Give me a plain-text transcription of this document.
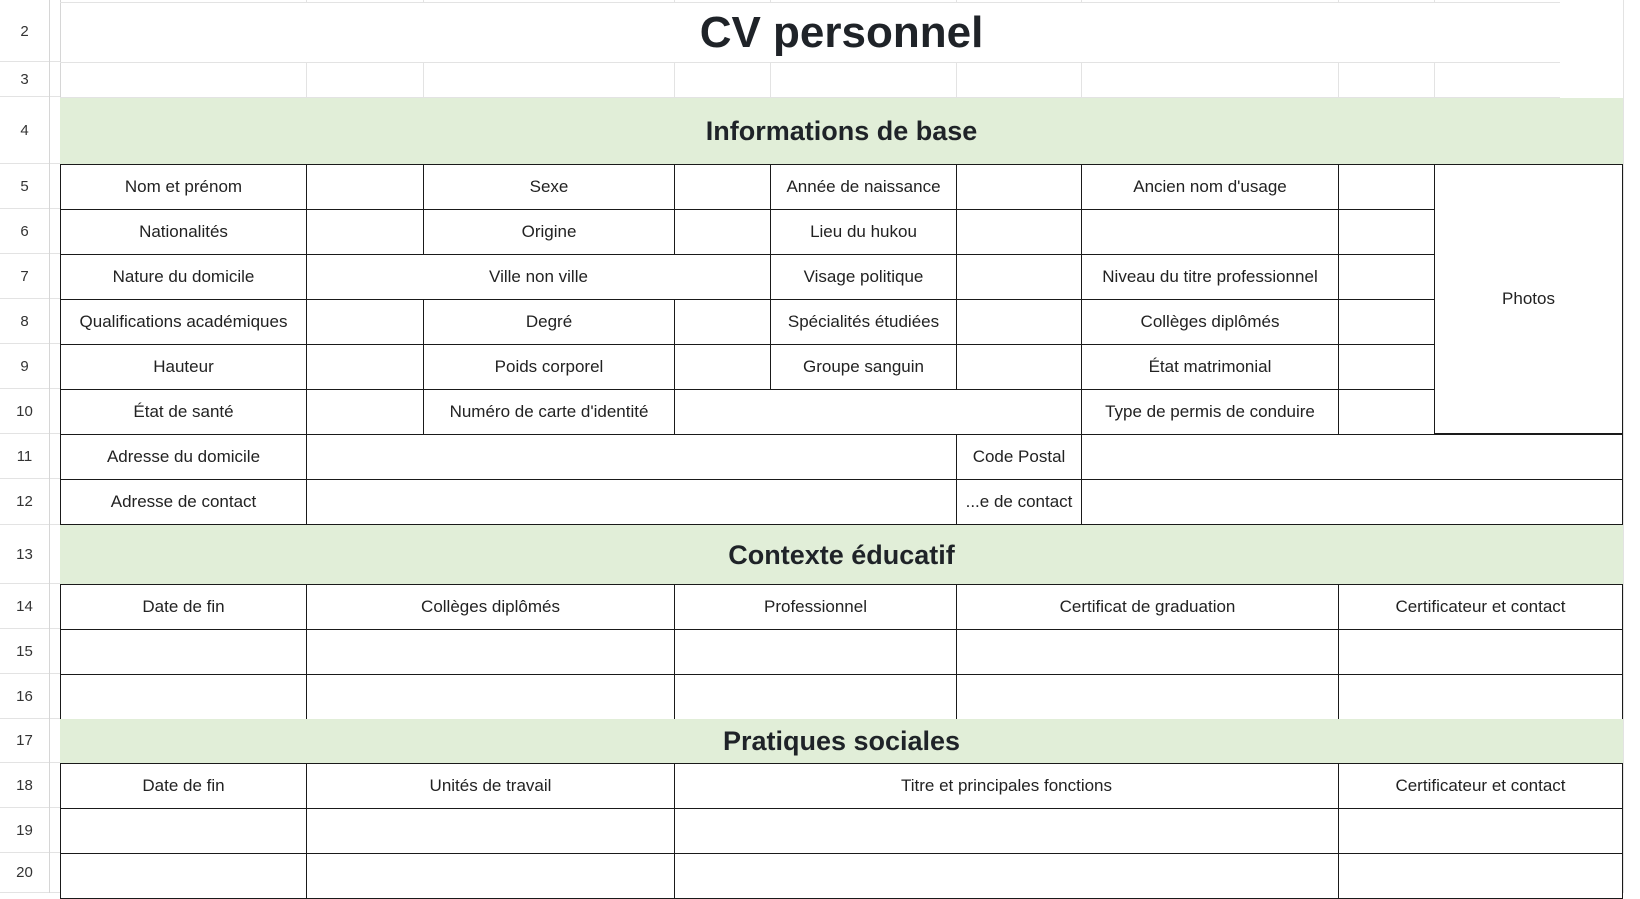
2
3
4
5
6
7
8
9
10
11
12
13
14
15
16
17
18
19
20
CV personnel
Informations de base
Nom et prénom	Sexe	Année de naissance	Ancien nom d'usage
Photos
Nationalités	Origine	Lieu du hukou
Nature du domicile	Ville non ville	Visage politique	Niveau du titre professionnel
Qualifications académiques	Degré	Spécialités étudiées	Collèges diplômés
Hauteur	Poids corporel	Groupe sanguin	État matrimonial
État de santé	Numéro de carte d'identité	Type de permis de conduire
Adresse du domicile	Code Postal
Adresse de contact	...e de contact
Contexte éducatif
Date de fin	Collèges diplômés	Professionnel	Certificat de graduation	Certificateur et contact
Pratiques sociales
Date de fin	Unités de travail	Titre et principales fonctions	Certificateur et contact
